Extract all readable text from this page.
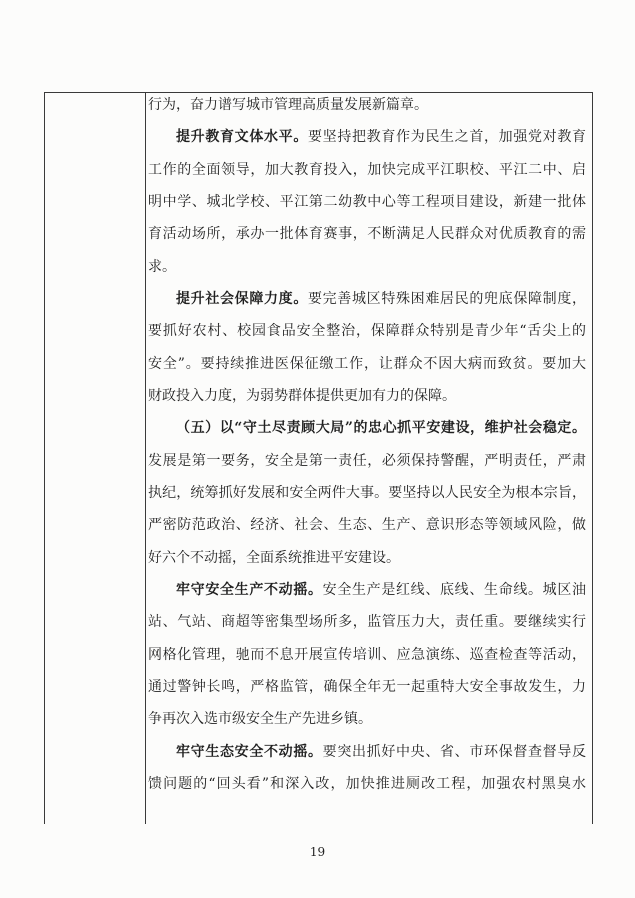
行为，奋力谱写城市管理高质量发展新篇章。
提升教育文体水平。要坚持把教育作为民生之首，加强党对教育
工作的全面领导，加大教育投入，加快完成平江职校、平江二中、启
明中学、城北学校、平江第二幼教中心等工程项目建设，新建一批体
育活动场所，承办一批体育赛事，不断满足人民群众对优质教育的需
求。
提升社会保障力度。要完善城区特殊困难居民的兜底保障制度，
要抓好农村、校园食品安全整治，保障群众特别是青少年“舌尖上的
安全”。要持续推进医保征缴工作，让群众不因大病而致贫。要加大
财政投入力度，为弱势群体提供更加有力的保障。
（五）以“守土尽责顾大局”的忠心抓平安建设，维护社会稳定。
发展是第一要务，安全是第一责任，必须保持警醒，严明责任，严肃
执纪，统筹抓好发展和安全两件大事。要坚持以人民安全为根本宗旨，
严密防范政治、经济、社会、生态、生产、意识形态等领域风险，做
好六个不动摇，全面系统推进平安建设。
牢守安全生产不动摇。安全生产是红线、底线、生命线。城区油
站、气站、商超等密集型场所多，监管压力大，责任重。要继续实行
网格化管理，驰而不息开展宣传培训、应急演练、巡查检查等活动，
通过警钟长鸣，严格监管，确保全年无一起重特大安全事故发生，力
争再次入选市级安全生产先进乡镇。
牢守生态安全不动摇。要突出抓好中央、省、市环保督查督导反
馈问题的“回头看”和深入改，加快推进厕改工程，加强农村黑臭水
19
